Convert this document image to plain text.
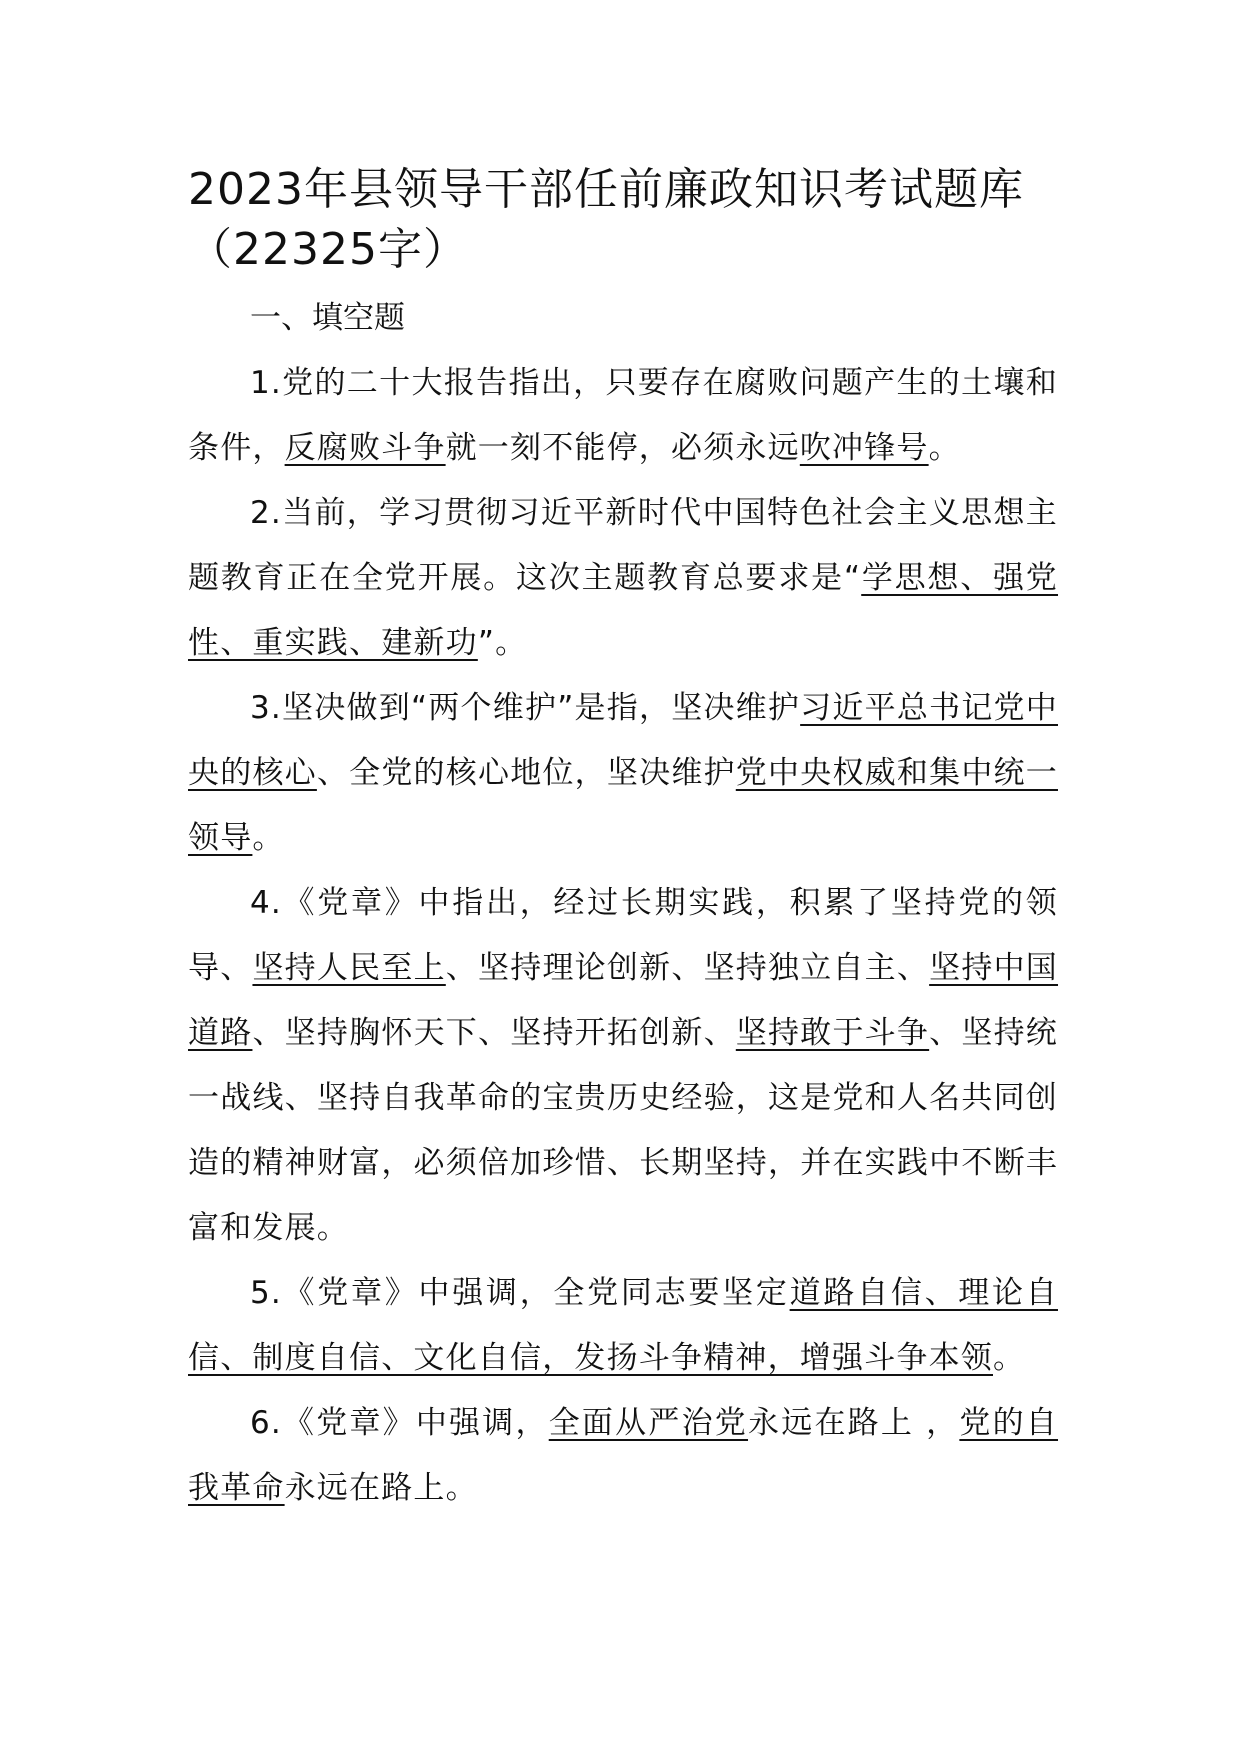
2023年县领导干部任前廉政知识考试题库
（22325字）

一、填空题

1.党的二十大报告指出，只要存在腐败问题产生的土壤和条件，反腐败斗争就一刻不能停，必须永远吹冲锋号。

2.当前，学习贯彻习近平新时代中国特色社会主义思想主题教育正在全党开展。这次主题教育总要求是“学思想、强党性、重实践、建新功”。

3.坚决做到“两个维护”是指，坚决维护习近平总书记党中央的核心、全党的核心地位，坚决维护党中央权威和集中统一领导。

4.《党章》中指出，经过长期实践，积累了坚持党的领导、坚持人民至上、坚持理论创新、坚持独立自主、坚持中国道路、坚持胸怀天下、坚持开拓创新、坚持敢于斗争、坚持统一战线、坚持自我革命的宝贵历史经验，这是党和人名共同创造的精神财富，必须倍加珍惜、长期坚持，并在实践中不断丰富和发展。

5.《党章》中强调，全党同志要坚定道路自信、理论自信、制度自信、文化自信，发扬斗争精神，增强斗争本领。

6.《党章》中强调，全面从严治党永远在路上 ，党的自我革命永远在路上。
